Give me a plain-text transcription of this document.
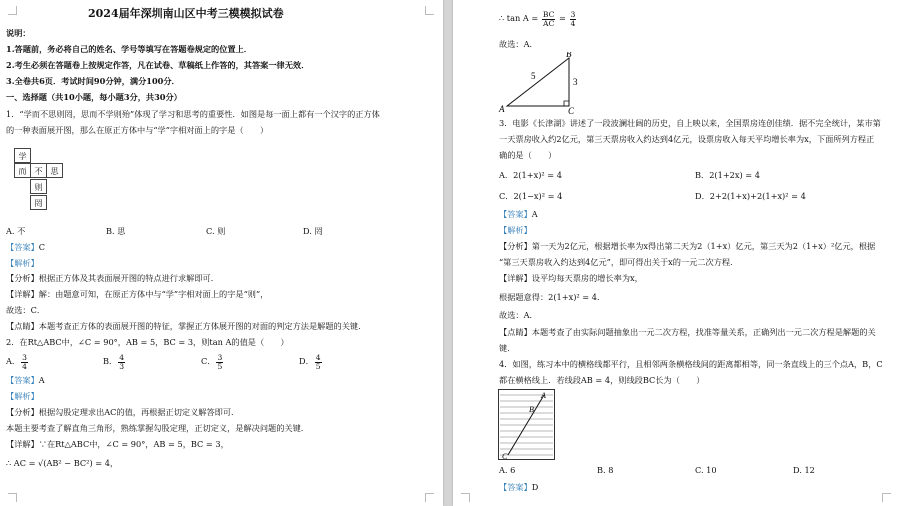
2024届年深圳南山区中考三模模拟试卷
说明：
1.答题前，务必将自己的姓名、学号等填写在答题卷规定的位置上．
2.考生必须在答题卷上按规定作答，凡在试卷、草稿纸上作答的，其答案一律无效．
3.全卷共6页．考试时间90分钟，满分100分．
一、选择题（共10小题，每小题3分，共30分）
1．“学而不思则罔，思而不学则殆”体现了学习和思考的重要性．如图是每一面上都有一个汉字的正方体
的一种表面展开图，那么在原正方体中与“学”字相对面上的字是（　　）
学
而	不	思
则
罔
A. 不	B. 思	C. 则	D. 罔
【答案】C
【解析】
【分析】根据正方体及其表面展开图的特点进行求解即可．
【详解】解：由题意可知，在原正方体中与“学”字相对面上的字是“则”，
故选：C．
【点睛】本题考查正方体的表面展开图的特征，掌握正方体展开图的对面的判定方法是解题的关键．
2．在Rt△ABC中，∠C = 90°，AB = 5，BC = 3，则tan A的值是（　　）
A． $\frac{3}{4}$	B． $\frac{4}{3}$	C． $\frac{3}{5}$	D． $\frac{4}{5}$
【答案】A
【解析】
【分析】根据勾股定理求出AC的值，再根据正切定义解答即可．
本题主要考查了解直角三角形，熟练掌握勾股定理，正切定义，是解决问题的关键．
【详解】∵在Rt△ABC中，∠C = 90°，AB = 5，BC = 3，
∴ AC = √(AB² − BC²) = 4，
∴ $\tan A = \frac{BC}{AC} = \frac{3}{4}$
故选：A．
A
B
C
5
3
3．电影《长津湖》讲述了一段波澜壮阔的历史，自上映以来，全国票房连创佳绩．据不完全统计，某市第
一天票房收入约2亿元，第三天票房收入约达到4亿元，设票房收入每天平均增长率为x，下面所列方程正
确的是（　　）
A．2(1+x)² = 4	B．2(1+2x) = 4
C．2(1−x)² = 4	D．2+2(1+x)+2(1+x)² = 4
【答案】A
【解析】
【分析】第一天为2亿元，根据增长率为x得出第二天为2（1+x）亿元，第三天为2（1+x）²亿元，根据
“第三天票房收入约达到4亿元”，即可得出关于x的一元二次方程．
【详解】设平均每天票房的增长率为x，
根据题意得：2(1+x)² = 4．
故选：A．
【点睛】本题考查了由实际问题抽象出一元二次方程，找准等量关系，正确列出一元二次方程是解题的关
键．
4．如图，练习本中的横格线都平行，且相邻两条横格线间的距离都相等，同一条直线上的三个点A，B，C
都在横格线上．若线段AB = 4，则线段BC长为（　　）
A
B
C
A. 6	B. 8	C. 10	D. 12
【答案】D
